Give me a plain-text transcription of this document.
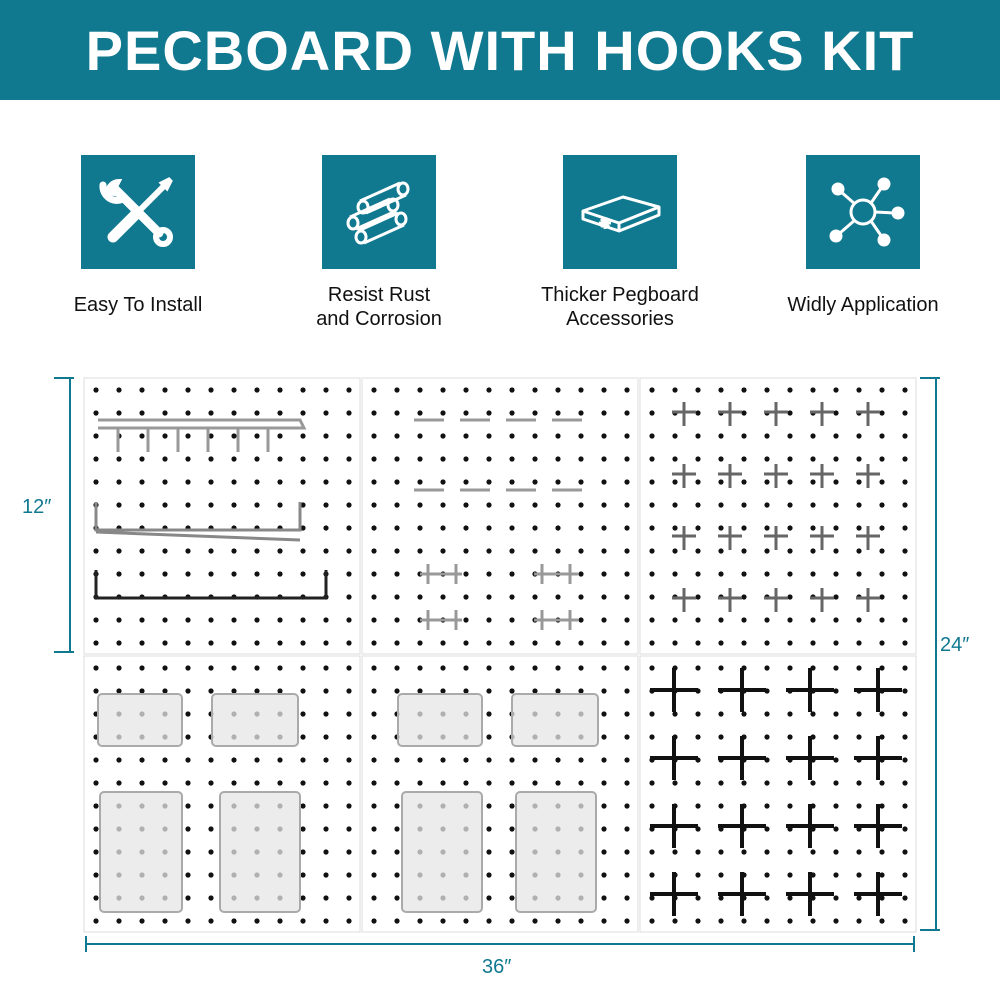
PECBOARD WITH HOOKS KIT
Easy To Install	Resist Rust
and Corrosion
Thicker Pegboard
Accessories
Widly Application
12″
24″
36″
